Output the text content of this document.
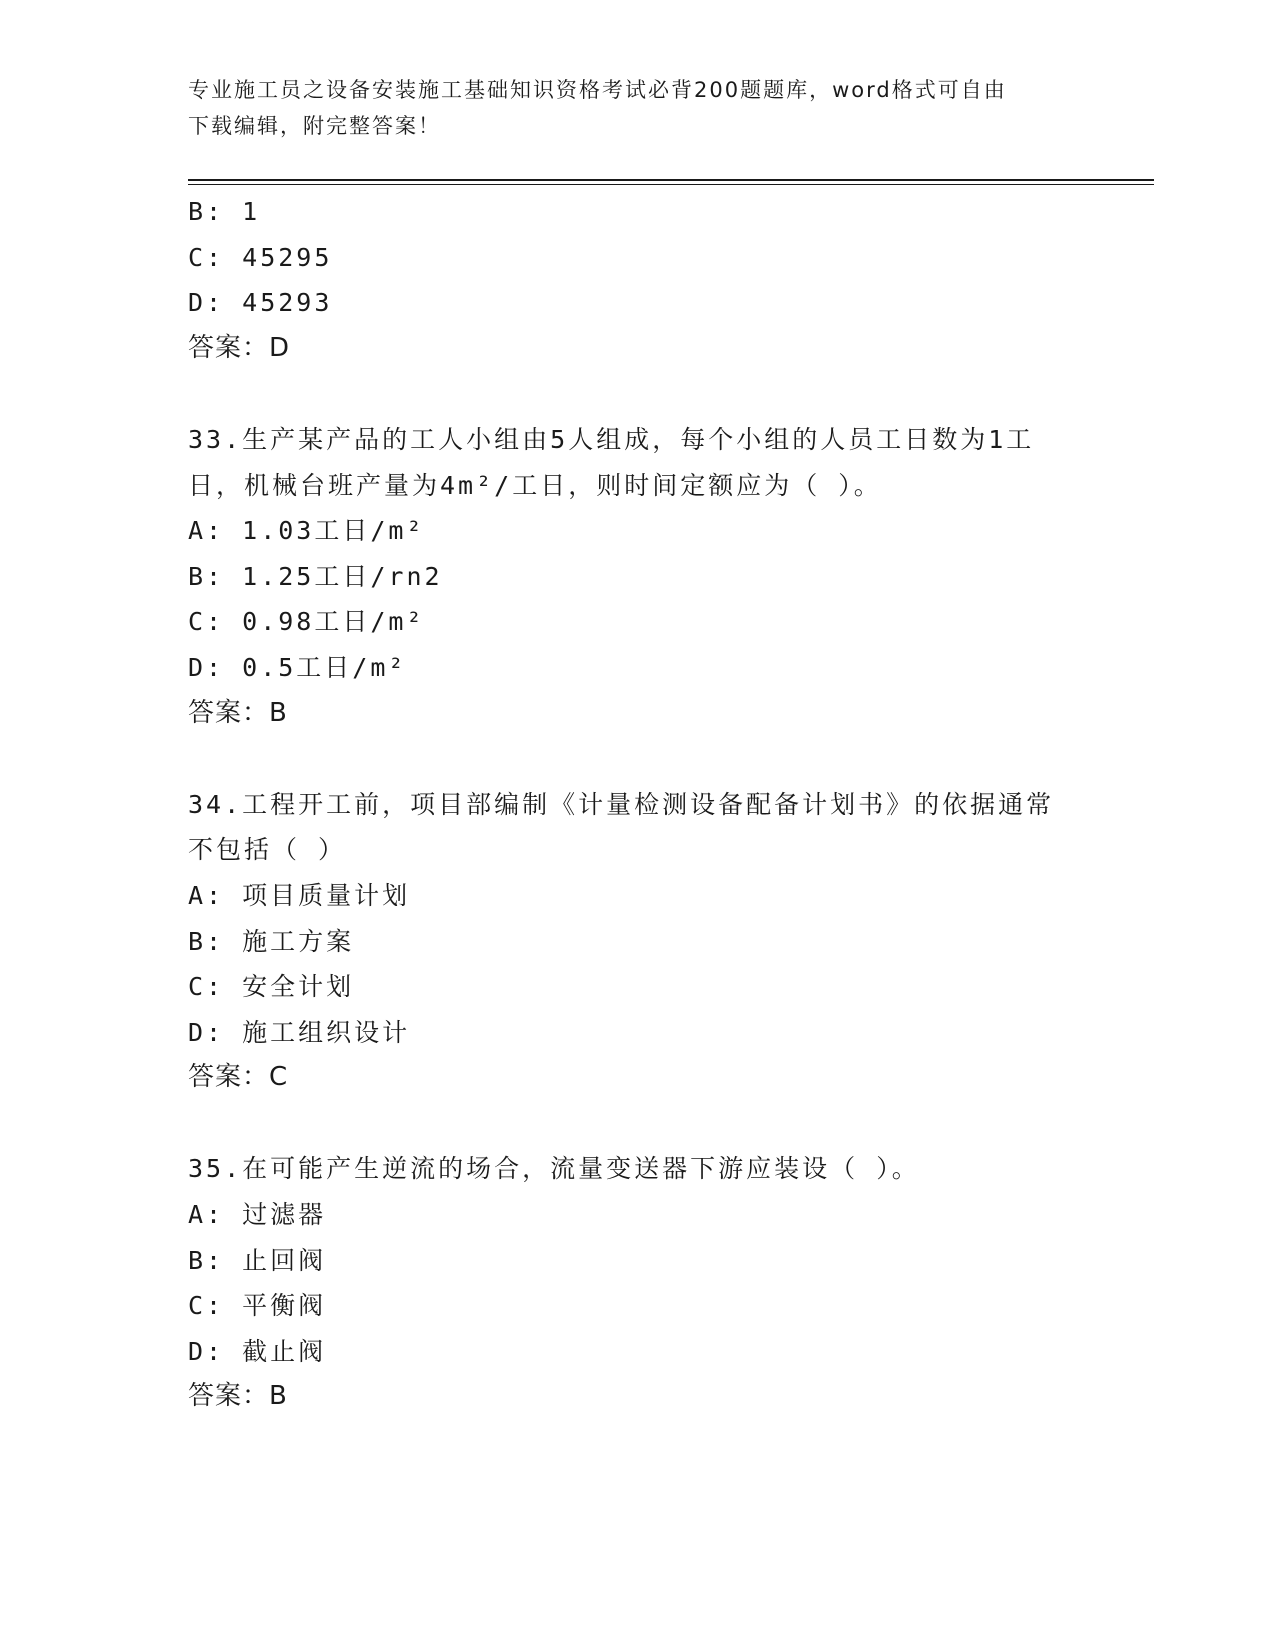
专业施工员之设备安装施工基础知识资格考试必背200题题库，word格式可自由
下载编辑，附完整答案！
B: 1
C: 45295
D: 45293
答案：D
33.生产某产品的工人小组由5人组成，每个小组的人员工日数为1工
日，机械台班产量为4m²/工日，则时间定额应为（ ）。
A: 1.03工日/m²
B: 1.25工日/rn2
C: 0.98工日/m²
D: 0.5工日/m²
答案：B
34.工程开工前，项目部编制《计量检测设备配备计划书》的依据通常
不包括（ ）
A: 项目质量计划
B: 施工方案
C: 安全计划
D: 施工组织设计
答案：C
35.在可能产生逆流的场合，流量变送器下游应装设（ ）。
A: 过滤器
B: 止回阀
C: 平衡阀
D: 截止阀
答案：B
